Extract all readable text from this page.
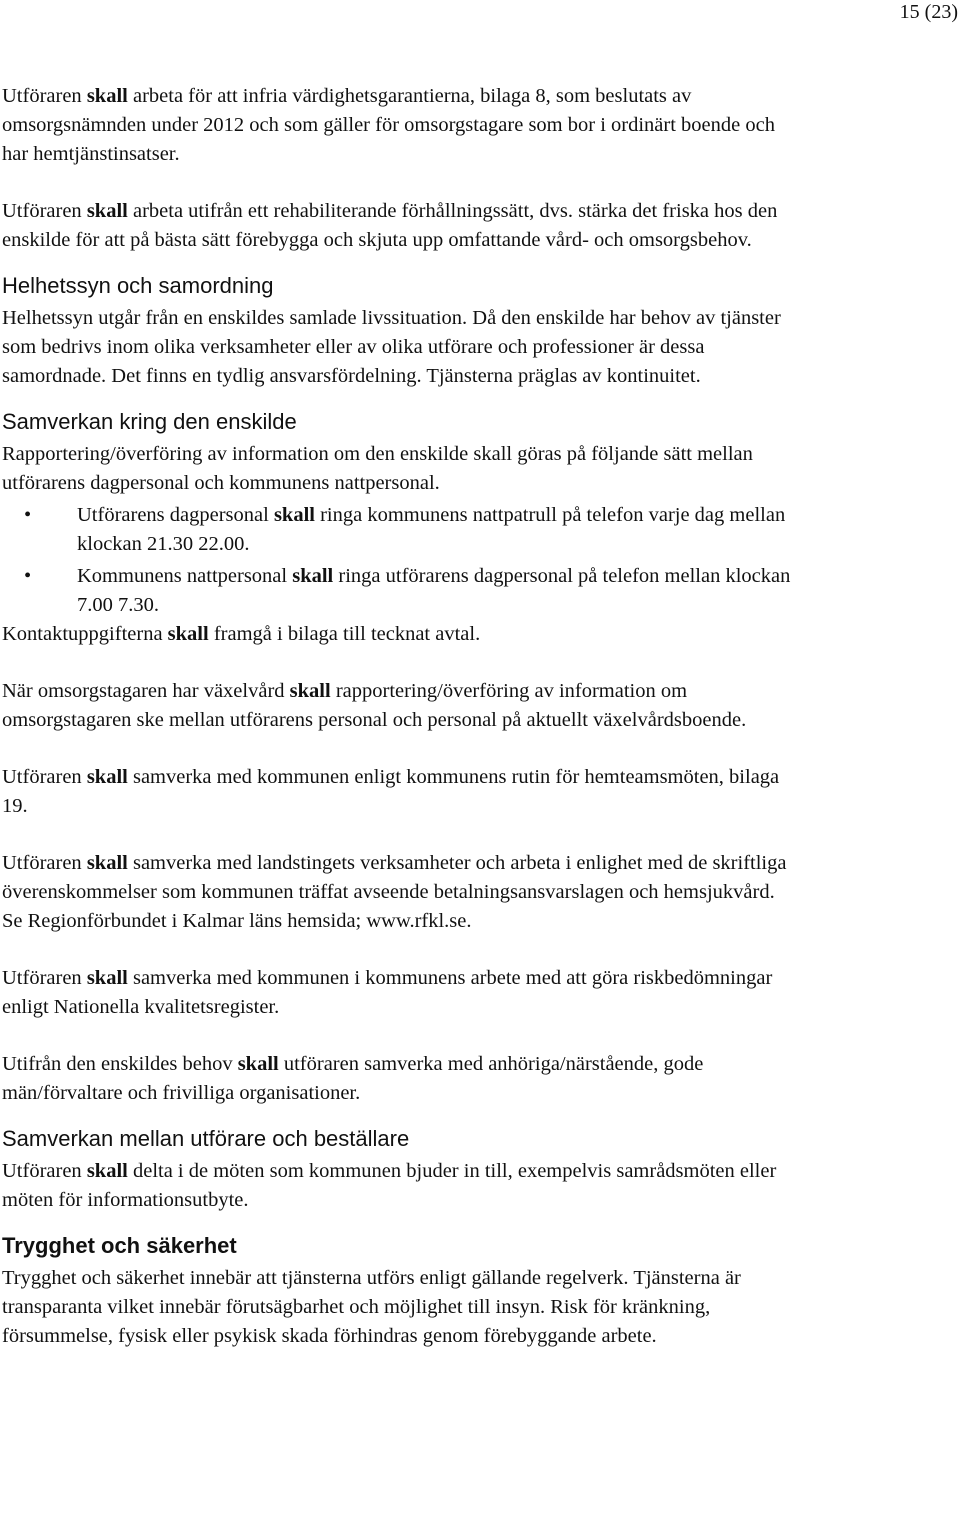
15 (23)

Utföraren skall arbeta för att infria värdighetsgarantierna, bilaga 8, som beslutats av omsorgsnämnden under 2012 och som gäller för omsorgstagare som bor i ordinärt boende och har hemtjänstinsatser.

Utföraren skall arbeta utifrån ett rehabiliterande förhållningssätt, dvs. stärka det friska hos den enskilde för att på bästa sätt förebygga och skjuta upp omfattande vård- och omsorgsbehov.

Helhetssyn och samordning

Helhetssyn utgår från en enskildes samlade livssituation. Då den enskilde har behov av tjänster som bedrivs inom olika verksamheter eller av olika utförare och professioner är dessa samordnade. Det finns en tydlig ansvarsfördelning. Tjänsterna präglas av kontinuitet.

Samverkan kring den enskilde

Rapportering/överföring av information om den enskilde skall göras på följande sätt mellan utförarens dagpersonal och kommunens nattpersonal.

• Utförarens dagpersonal skall ringa kommunens nattpatrull på telefon varje dag mellan klockan 21.30 22.00.
• Kommunens nattpersonal skall ringa utförarens dagpersonal på telefon mellan klockan 7.00 7.30.

Kontaktuppgifterna skall framgå i bilaga till tecknat avtal.

När omsorgstagaren har växelvård skall rapportering/överföring av information om omsorgstagaren ske mellan utförarens personal och personal på aktuellt växelvårdsboende.

Utföraren skall samverka med kommunen enligt kommunens rutin för hemteamsmöten, bilaga 19.

Utföraren skall samverka med landstingets verksamheter och arbeta i enlighet med de skriftliga överenskommelser som kommunen träffat avseende betalningsansvarslagen och hemsjukvård. Se Regionförbundet i Kalmar läns hemsida; www.rfkl.se.

Utföraren skall samverka med kommunen i kommunens arbete med att göra riskbedömningar enligt Nationella kvalitetsregister.

Utifrån den enskildes behov skall utföraren samverka med anhöriga/närstående, gode män/förvaltare och frivilliga organisationer.

Samverkan mellan utförare och beställare

Utföraren skall delta i de möten som kommunen bjuder in till, exempelvis samrådsmöten eller möten för informationsutbyte.

Trygghet och säkerhet

Trygghet och säkerhet innebär att tjänsterna utförs enligt gällande regelverk. Tjänsterna är transparanta vilket innebär förutsägbarhet och möjlighet till insyn. Risk för kränkning, försummelse, fysisk eller psykisk skada förhindras genom förebyggande arbete.
